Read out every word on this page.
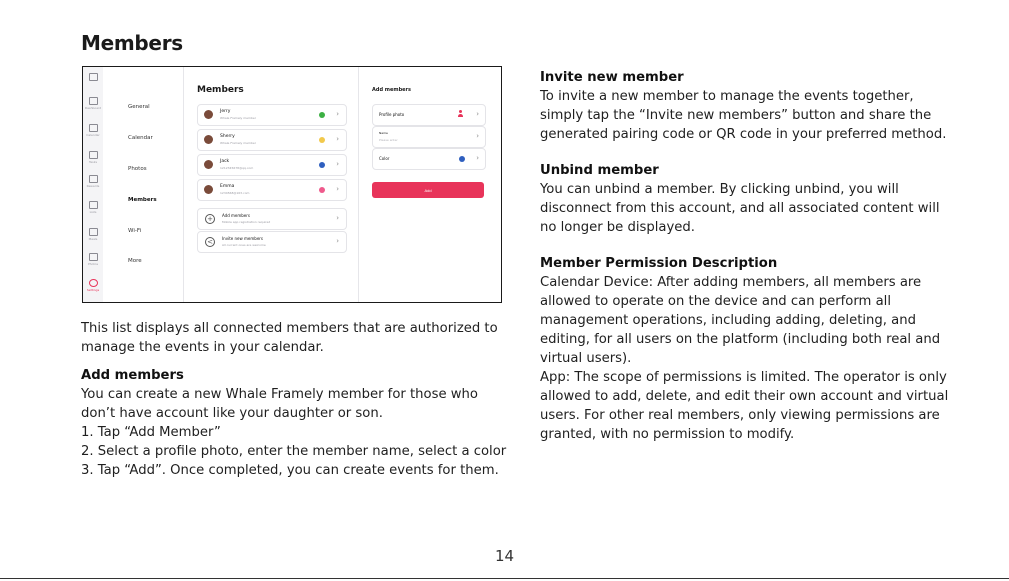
Members
Dashboard
Calendar
Tasks
Rewards
Lists
Meals
Photos
Settings
General
Calendar
Photos
Members
Wi-Fi
More
Members
Jerry
Whale Framely member	›
Sherry
Whale Framely member	›
Jack
1212345678@qq.com	›
Emma
1234568@163.com	›
+	Add members
Mobile app registration required	›
<	Invite new members
All current ones are welcome	›
Add members
Profile photo	›
Name
Please enter	›
Color	›
Add

This list displays all connected members that are authorized to manage the events in your calendar.

Add members

You can create a new Whale Framely member for those who don’t have account like your daughter or son.

1. Tap “Add Member”

2. Select a profile photo, enter the member name, select a color

3. Tap “Add”. Once completed, you can create events for them.

Invite new member

To invite a new member to manage the events together, simply tap the “Invite new members” button and share the generated pairing code or QR code in your preferred method.

Unbind member

You can unbind a member. By clicking unbind, you will disconnect from this account, and all associated content will no longer be displayed.

Member Permission Description

Calendar Device: After adding members, all members are allowed to operate on the device and can perform all management operations, including adding, deleting, and editing, for all users on the platform (including both real and virtual users).

App: The scope of permissions is limited. The operator is only allowed to add, delete, and edit their own account and virtual users. For other real members, only viewing permissions are granted, with no permission to modify.

14
